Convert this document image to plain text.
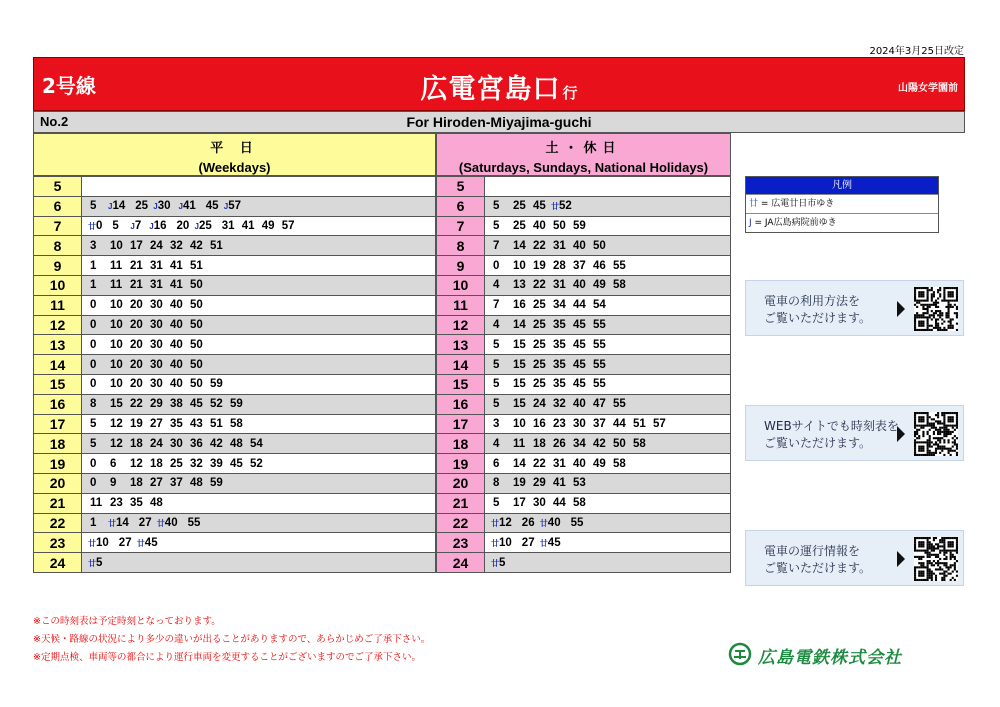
2024年3月25日改定
2号線	広電宮島口 行	山陽女学園前
No.2	For Hiroden-Miyajima-guchi
平 日
(Weekdays)
土・休日
(Saturdays, Sundays, National Holidays)
5	
6	5 J14 25 J30 J41 45 J57
7	廿0 5 J7 J16 20 J25 31 41 49 57
8	3 10 17 24 32 42 51
9	1 11 21 31 41 51
10	1 11 21 31 41 50
11	0 10 20 30 40 50
12	0 10 20 30 40 50
13	0 10 20 30 40 50
14	0 10 20 30 40 50
15	0 10 20 30 40 50 59
16	8 15 22 29 38 45 52 59
17	5 12 19 27 35 43 51 58
18	5 12 18 24 30 36 42 48 54
19	0 6 12 18 25 32 39 45 52
20	0 9 18 27 37 48 59
21	11 23 35 48
22	1 廿14 27 廿40 55
23	廿10 27 廿45
24	廿5
5	
6	5 25 45 廿52
7	5 25 40 50 59
8	7 14 22 31 40 50
9	0 10 19 28 37 46 55
10	4 13 22 31 40 49 58
11	7 16 25 34 44 54
12	4 14 25 35 45 55
13	5 15 25 35 45 55
14	5 15 25 35 45 55
15	5 15 25 35 45 55
16	5 15 24 32 40 47 55
17	3 10 16 23 30 37 44 51 57
18	4 11 18 26 34 42 50 58
19	6 14 22 31 40 49 58
20	8 19 29 41 53
21	5 17 30 44 58
22	廿12 26 廿40 55
23	廿10 27 廿45
24	廿5
凡例
廿 = 広電廿日市ゆき
J = JA広島病院前ゆき
電車の利用方法を
ご覧いただけます。
WEBサイトでも時刻表を
ご覧いただけます。
電車の運行情報を
ご覧いただけます。
※この時刻表は予定時刻となっております。
※天候・路線の状況により多少の違いが出ることがありますので、あらかじめご了承下さい。
※定期点検、車両等の都合により運行車両を変更することがございますのでご了承下さい。	広島電鉄株式会社
